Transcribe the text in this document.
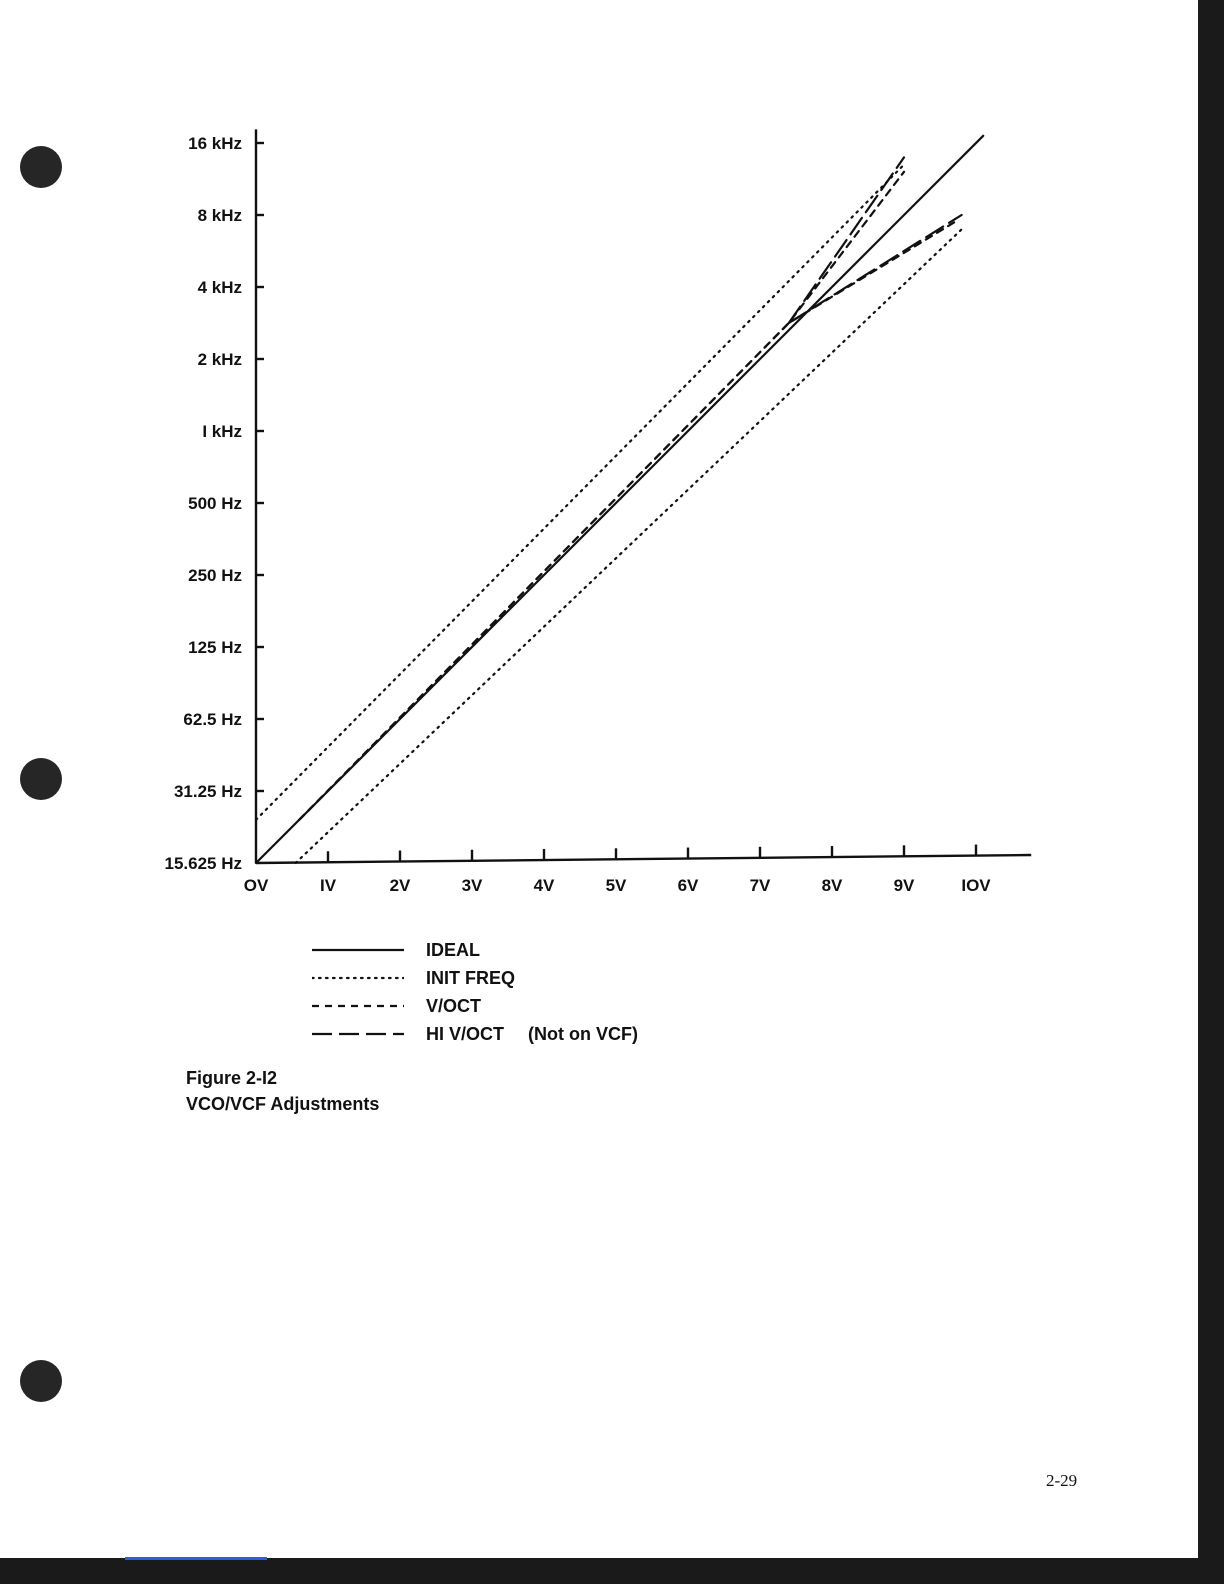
15.625 Hz
31.25 Hz
62.5 Hz
125 Hz
250 Hz
500 Hz
I kHz
2 kHz
4 kHz
8 kHz
16 kHz
OV	IV	2V	3V	4V	5V	6V	7V	8V	9V	IOV
IDEAL
INIT FREQ
V/OCT
HI V/OCT (Not on VCF)
Figure 2-I2
VCO/VCF Adjustments
2-29
